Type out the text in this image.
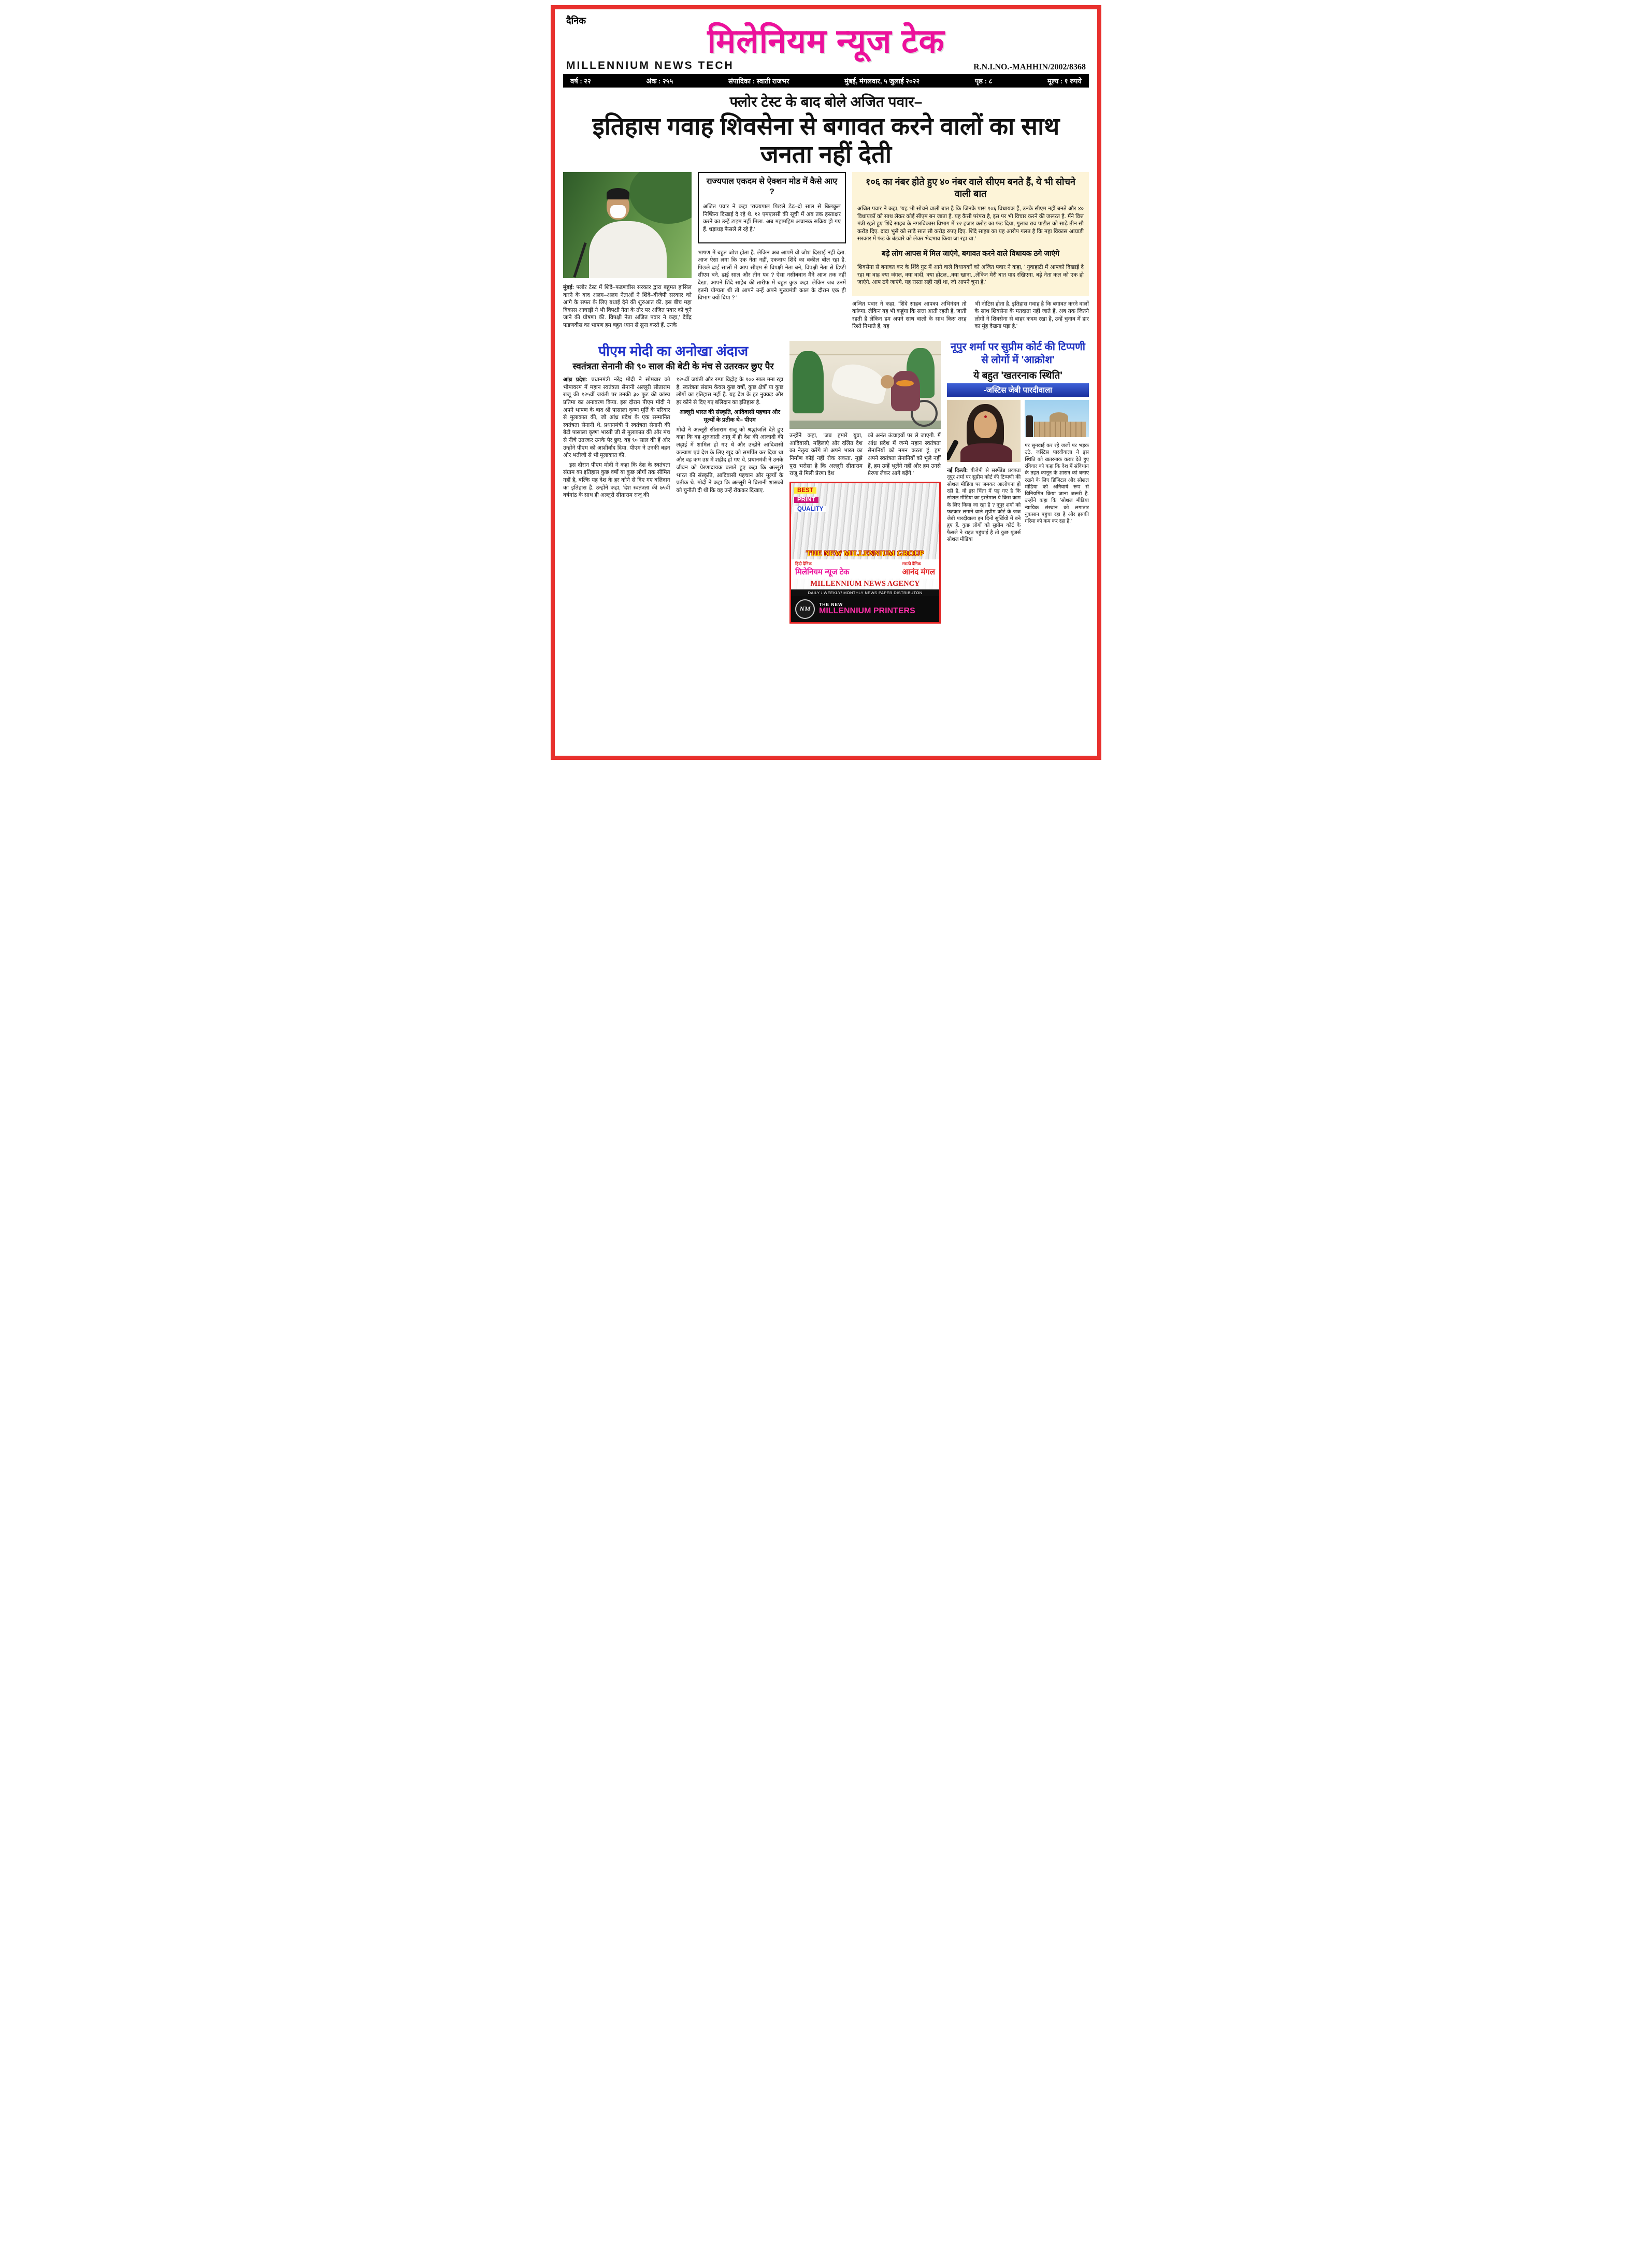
दैनिक
मिलेनियम न्यूज टेक
MILLENNIUM NEWS TECH	R.N.I.NO.-MAHHIN/2002/8368
वर्ष : २२	अंक : २५५	संपादिका : स्वाती राजभर	मुंबई, मंगलवार, ५ जुलाई २०२२	पृष्ठ : ८	मूल्य : १ रुपये
फ्लोर टेस्ट के बाद बोले अजित पवार–
इतिहास गवाह शिवसेना से बगावत करने वालों का साथ जनता नहीं देती

मुंबई: फ्लोर टेस्ट में शिंदे–फडणवीस सरकार द्वारा बहुमत हासिल करने के बाद अलग–अलग नेताओं ने शिंदे–बीजेपी सरकार को आगे के सफर के लिए बधाई देने की शुरुआत की. इस बीच महा विकास आघाड़ी ने भी विपक्षी नेता के तौर पर अजित पवार को चुने जाने की घोषणा की. विपक्षी नेता अजित पवार ने कहा,' देवेंद्र फडणवीस का भाषण हम बहुत ध्यान से सुना करते हैं. उनके

राज्यपाल एकदम से ऐक्शन मोड में कैसे आए ?

अजित पवार ने कहा 'राज्यपाल पिछले डेढ़–दो साल से बिलकुल निष्क्रिय दिखाई दे रहे थे. १२ एमएलसी की सूची में अब तक हस्ताक्षर करने का उन्हें टाइम नहीं मिला. अब महामहिम अचानक सक्रिय हो गए हैं. धड़ाधड़ फैसले ले रहे है.'

भाषण में बहुत जोश होता है. लेकिन अब आपमें वो जोश दिखाई नहीं देता. आज ऐसा लगा कि एक नेता नहीं, एकनाथ शिंदे का वकील बोल रहा है. पिछले ढाई सालों में आप सीएम से विपक्षी नेता बने, विपक्षी नेता से डिप्टी सीएम बने. ढाई साल और तीन पद ? ऐसा नसीबवान मैंने आज तक नहीं देखा. आपने शिंदे साहेब की तारीफ में बहुत कुछ कहा. लेकिन जब उनमें इतनी योग्यता थी तो आपने उन्हें अपने मुख्यमंत्री काल के दौरान एक ही विभाग क्यों दिया ? '

१०६ का नंबर होते हुए ४० नंबर वाले सीएम बनते हैं, ये भी सोचने वाली बात

अजित पवार ने कहा, 'यह भी सोचने वाली बात है कि जिनके पास १०६ विधायक हैं, उनके सीएम नहीं बनते और ४० विधायकों को साथ लेकर कोई सीएम बन जाता है. यह कैसी परंपरा है, इस पर भी विचार करने की जरूरत है. मैंने वित्त मंत्री रहते हुए शिंदे साहब के नगरविकास विभाग में १२ हजार करोड़ का फंड दिया, गुलाब राव पाटील को साढ़े तीन सौ करोड़ दिए. दादा भुसे को साढ़े सात सौ करोड़ रुपए दिए. शिंदे साहब का यह आरोप गलत है कि महा विकास आघाड़ी सरकार में फंड के बंटवारे को लेकर भेदभाव किया जा रहा था.'

बड़े लोग आपस में मिल जाएंगे, बगावत करने वाले विधायक ठगे जाएंगे

शिवसेना से बगावत कर के शिंदे गुट में आने वाले विधायकों को अजित पवार ने कहा, ' गुवाहाटी में आपको दिखाई दे रहा था वाह क्या जंगल, क्या वादी, क्या होटल...क्या खाना...लेकिन मेरी बात याद रखिएगा. बड़े नेता कल को एक हो जाएंगे. आप ठगे जाएंगे. यह रास्ता सही नहीं था, जो आपने चुना है.'

अजित पवार ने कहा, 'शिंदे साहब आपका अभिनंदन तो करूंगा. लेकिन यह भी कहूंगा कि सत्ता आती रहती है, जाती रहती है लेकिन हम अपने साथ वालों के साथ किस तरह रिश्ते निभाते हैं, यह
भी नोटिस होता है. इतिहास गवाह है कि बगावत करने वालों के साथ शिवसेना के मतदाता नहीं जाते हैं. अब तक जितने लोगों ने शिवसेना से बाहर कदम रखा है, उन्हें चुनाव में हार का मुंह देखना पड़ा है.'
पीएम मोदी का अनोखा अंदाज
स्वतंत्रता सेनानी की ९० साल की बेटी के मंच से उतरकर छुए पैर

आंध्र प्रदेश: प्रधानमंत्री नरेंद्र मोदी ने सोमवार को भीमावरम में महान स्वतंत्रता सेनानी अल्लूरी सीताराम राजू की १२५वीं जयंती पर उनकी ३० फुट की कांस्य प्रतिमा का अनावरण किया. इस दौरान पीएम मोदी ने अपने भाषण के बाद श्री पासाला कृष्ण मूर्ति के परिवार से मुलाकात की, जो आंध्र प्रदेश के एक सम्मानित स्वतंत्रता सेनानी थे. प्रधानमंत्री ने स्वतंत्रता सेनानी की बेटी पासाला कृष्ण भारती जी से मुलाकात की और मंच से नीचे उतरकर उनके पैर छुए. वह ९० साल की हैं और उन्होंने पीएम को आशीर्वाद दिया. पीएम ने उनकी बहन और भतीजी से भी मुलाकात की.

इस दौरान पीएम मोदी ने कहा कि देश के स्वतंत्रता संग्राम का इतिहास कुछ वर्षों या कुछ लोगों तक सीमित नहीं है, बल्कि यह देश के हर कोने से दिए गए बलिदान का इतिहास है. उन्होंने कहा, 'देश स्वतंत्रता की ७५वीं वर्षगांठ के साथ ही अल्लूरी सीताराम राजू की

१२५वीं जयंती और रम्पा विद्रोह के १०० साल मना रहा है. स्वतंत्रता संग्राम केवल कुछ वर्षों, कुछ क्षेत्रों या कुछ लोगों का इतिहास नहीं है. यह देश के हर नुक्कड़ और हर कोने से दिए गए बलिदान का इतिहास है.

अल्लूरी भारत की संस्कृति, आदिवासी पहचान और मूल्यों के प्रतीक थे– पीएम

मोदी ने अल्लूरी सीताराम राजू को श्रद्धांजलि देते हुए कहा कि वह शुरुआती आयु में ही देश की आजादी की लड़ाई में शामिल हो गए थे और उन्होंने आदिवासी कल्याण एवं देश के लिए खुद को समर्पित कर दिया था और वह कम उम्र में शहीद हो गए थे. प्रधानमंत्री ने उनके जीवन को प्रेरणादायक बताते हुए कहा कि अल्लूरी भारत की संस्कृति, आदिवासी पहचान और मूल्यों के प्रतीक थे. मोदी ने कहा कि अल्लूरी ने ब्रितानी शासकों को चुनौती दी थी कि वह उन्हें रोककर दिखाए.

उन्होंने कहा, 'जब हमारे युवा, आदिवासी, महिलाएं और दलित देश का नेतृत्व करेंगे तो अपने भारत का निर्माण कोई नहीं रोक सकता. मुझे पूरा भरोसा है कि अल्लूरी सीताराम राजू से मिली प्रेरणा देश
को अनंत ऊंचाइयों पर ले जाएगी. मैं आंध्र प्रदेश में जन्मे महान स्वतंत्रता सेनानियों को नमन करता हूं. हम अपने स्वतंत्रता सेनानियों को भूले नहीं हैं, हम उन्हें भूलेंगे नहीं और हम उनसे प्रेरणा लेकर आगे बढ़ेंगे.'
BEST
PRINT
QUALITY
THE NEW MILLENNIUM GROUP
हिंदी दैनिक
मिलेनियम न्यूज टेक
मराठी दैनिक
आनंद मंगल
MILLENNIUM NEWS AGENCY
DAILY / WEEKLY/ MONTHLY NEWS PAPER DISTRIBUTON
NM
THE NEW
MILLENNIUM PRINTERS
नूपुर शर्मा पर सुप्रीम कोर्ट की टिप्पणी से लोगों में 'आक्रोश'
ये बहुत 'खतरनाक स्थिति'
-जस्टिस जेबी पारदीवाला

नई दिल्ली: बीजेपी से सस्पेंडेड प्रवक्ता नूपुर शर्मा पर सुप्रीम कोर्ट की टिप्पणी की सोशल मीडिया पर जमकर आलोचना हो रही है. वो इस चिंता में पड़ गए है कि सोशल मीडिया का इस्तेमाल ये किस काम के लिए किया जा रहा है ? नूपुर शर्मा को फटकार लगाने वाले सुप्रीम कोर्ट के जज जेबी पारदीवाला इन दिनों सुर्खियों में बने हुए हैं. कुछ लोगों को सुप्रीम कोर्ट के फैसले ने राहत पहुंचाई है तो कुछ यूजर्स सोशल मीडिया

पर सुनवाई कर रहे जजों पर भड़क उठे. जस्टिस पारदीवाला ने इस स्थिति को खतरनाक करार देते हुए रविवार को कहा कि देश में संविधान के तहत कानून के शासन को बनाए रखने के लिए डिजिटल और सोशल मीडिया को अनिवार्य रूप से विनियमित किया जाना जरूरी है. उन्होंने कहा कि 'सोशल मीडिया न्यायिक संस्थान को लगातार नुकसान पहुंचा रहा है और इसकी गरिमा को कम कर रहा है.'
